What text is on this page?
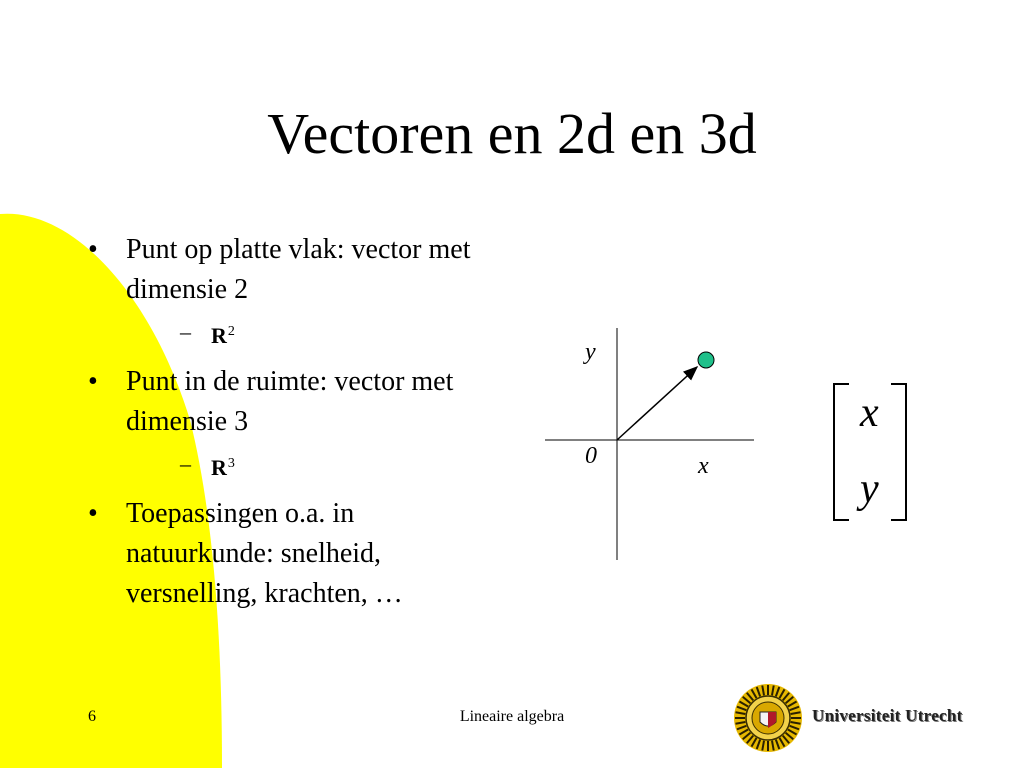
Vectoren en 2d en 3d
• Punt op platte vlak: vector met dimensie 2
– $R^2$
• Punt in de ruimte: vector met dimensie 3
– $R^3$
• Toepassingen o.a. in natuurkunde: snelheid, versnelling, krachten, …
y
0	x
x
y
6	Lineaire algebra	Universiteit Utrecht
